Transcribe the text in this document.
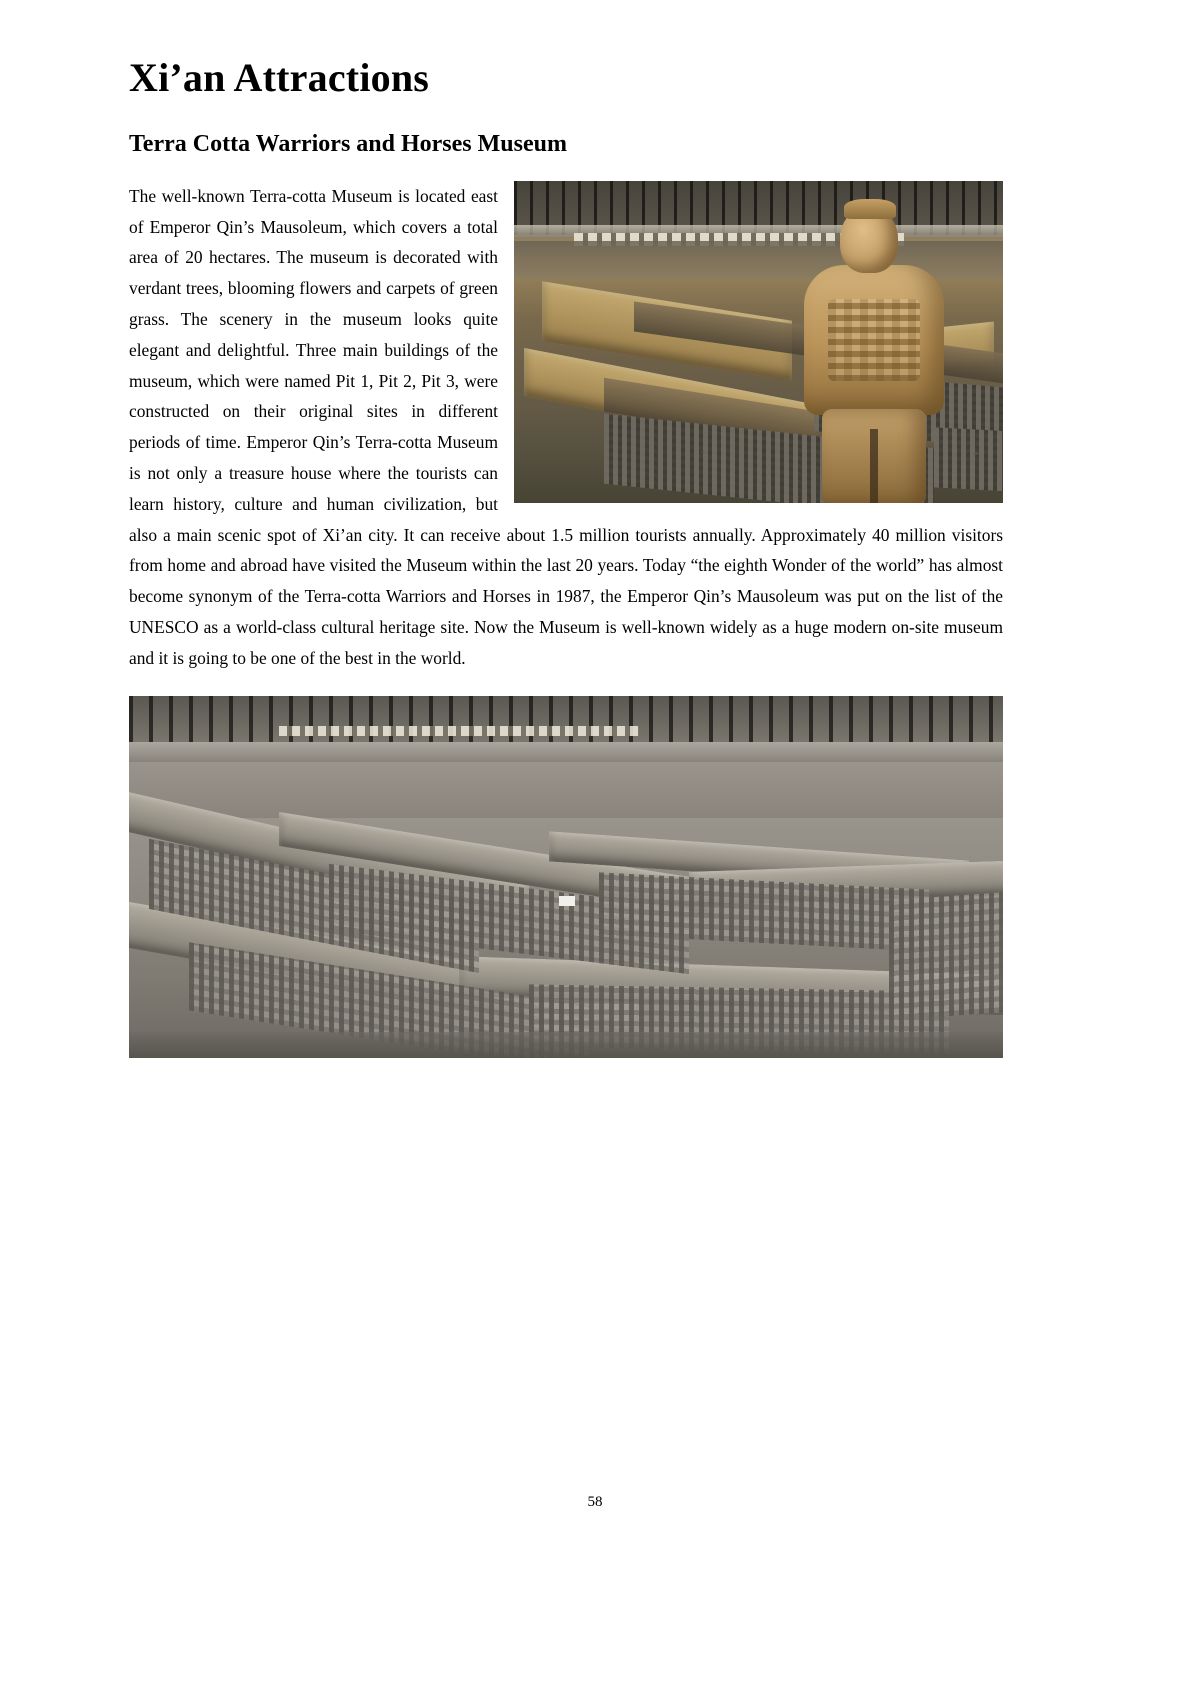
Xi’an Attractions
Terra Cotta Warriors and Horses Museum

The well-known Terra-cotta Museum is located east of Emperor Qin’s Mausoleum, which covers a total area of 20 hectares. The museum is decorated with verdant trees, blooming flowers and carpets of green grass. The scenery in the museum looks quite elegant and delightful. Three main buildings of the museum, which were named Pit 1, Pit 2, Pit 3, were constructed on their original sites in different periods of time. Emperor Qin’s Terra-cotta Museum is not only a treasure house where the tourists can learn history, culture and human civilization, but also a main scenic spot of Xi’an city. It can receive about 1.5 million tourists annually. Approximately 40 million visitors from home and abroad have visited the Museum within the last 20 years. Today “the eighth Wonder of the world” has almost become synonym of the Terra-cotta Warriors and Horses in 1987, the Emperor Qin’s Mausoleum was put on the list of the UNESCO as a world-class cultural heritage site. Now the Museum is well-known widely as a huge modern on-site museum and it is going to be one of the best in the world.

58
